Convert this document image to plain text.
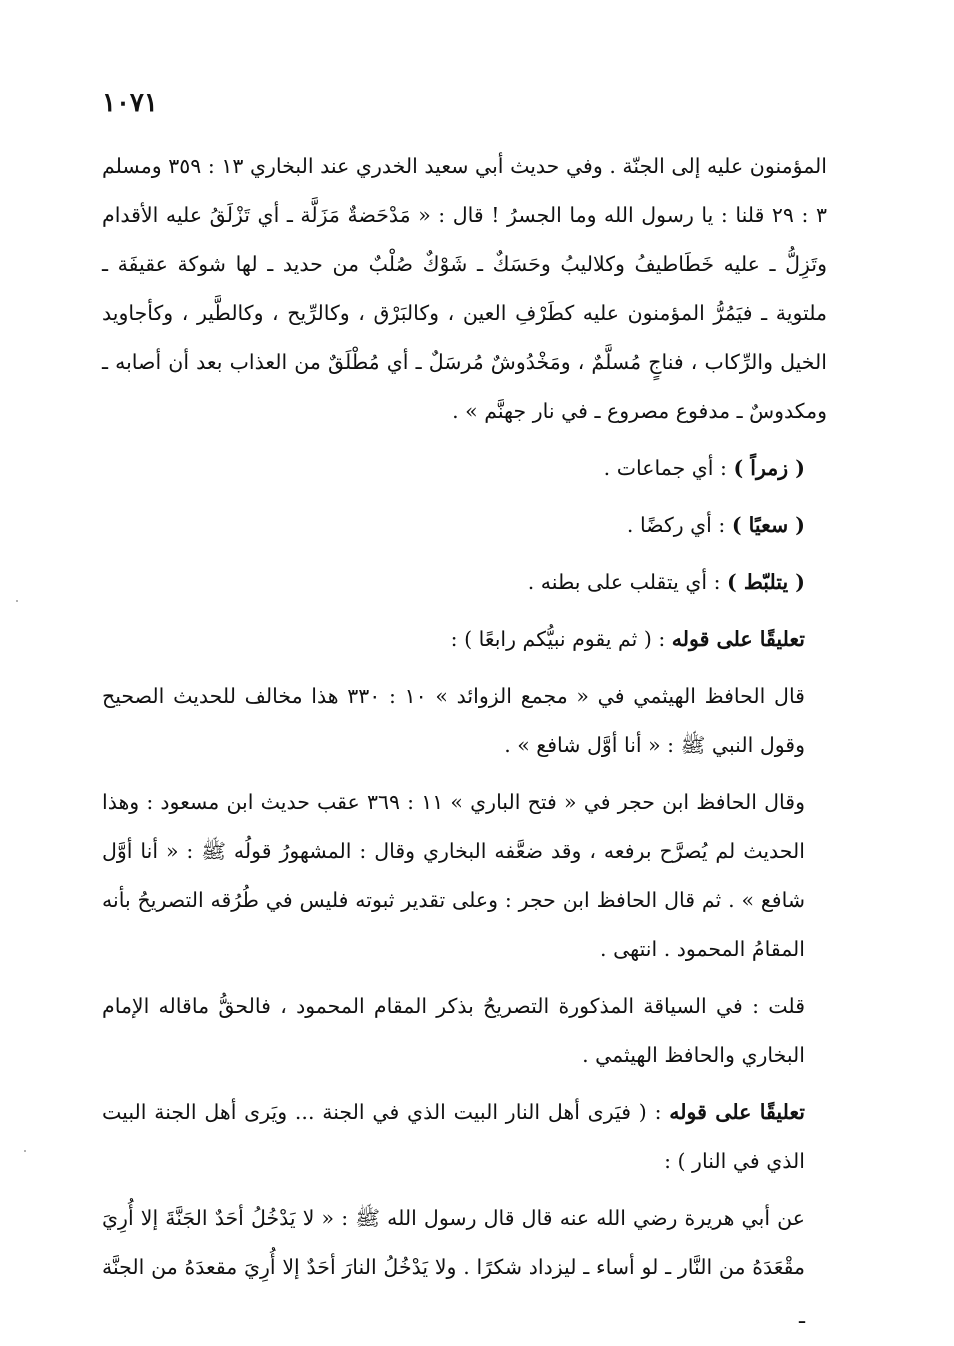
١٠٧١

المؤمنون عليه إلى الجنّة . وفي حديث أبي سعيد الخدري عند البخاري ١٣ : ٣٥٩ ومسلم ٣ : ٢٩ قلنا : يا رسول الله وما الجسرُ ! قال : « مَدْحَضةٌ مَزَلَّة ـ أي تَزْلَقُ عليه الأقدام وتَزِلُّ ـ عليه خَطَاطيفُ وكلاليبُ وحَسَكٌ ـ شَوْكٌ صُلْبٌ من حديد ـ لها شوكة عقيفَة ـ ملتوية ـ فيَمُرُّ المؤمنون عليه كطَرْفِ العين ، وكالبَرْق ، وكالرِّيح ، وكالطَّير ، وكأجاويد الخيل والرِّكاب ، فناجٍ مُسلَّمٌ ، ومَخْدُوشٌ مُرسَلٌ ـ أي مُطْلَقٌ من العذاب بعد أن أصابه ـ ومكدوسٌ ـ مدفوع مصروع ـ في نار جهنَّم » .

( زمراً ) : أي جماعات .

( سعيًا ) : أي ركضًا .

( يتلبّط ) : أي يتقلب على بطنه .

تعليقًا على قوله : ( ثم يقوم نبيُّكم رابعًا ) :

قال الحافظ الهيثمي في « مجمع الزوائد » ١٠ : ٣٣٠ هذا مخالف للحديث الصحيح وقول النبي ﷺ : « أنا أوَّل شافع » .

وقال الحافظ ابن حجر في « فتح الباري » ١١ : ٣٦٩ عقب حديث ابن مسعود : وهذا الحديث لم يُصرَّح برفعه ، وقد ضعَّفه البخاري وقال : المشهورُ قولُه ﷺ : « أنا أوَّل شافع » . ثم قال الحافظ ابن حجر : وعلى تقدير ثبوته فليس في طُرُقه التصريحُ بأنه المقامُ المحمود . انتهى .

قلت : في السياقة المذكورة التصريحُ بذكر المقام المحمود ، فالحقُّ ماقاله الإمام البخاري والحافظ الهيثمي .

تعليقًا على قوله : ( فيَرى أهل النار البيت الذي في الجنة ... ويَرى أهل الجنة البيت الذي في النار ) :

عن أبي هريرة رضي الله عنه قال قال رسول الله ﷺ : « لا يَدْخُلُ أحَدٌ الجَنَّةَ إلا أُرِيَ مقْعَدَهُ من النَّار ـ لو أساء ـ ليزداد شكرًا . ولا يَدْخُلُ النارَ أحَدٌ إلا أُرِيَ مقعدَهُ من الجنَّة ـ
